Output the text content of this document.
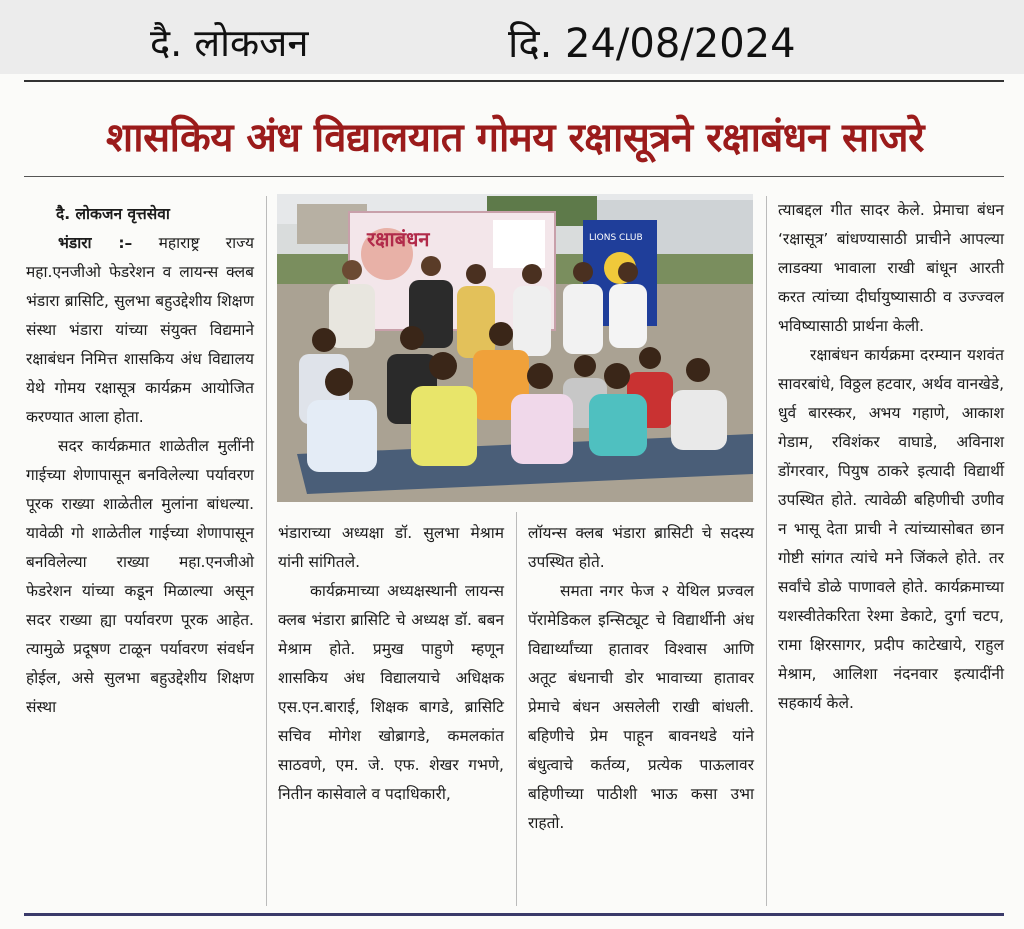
दै. लोकजन	दि. 24/08/2024
शासकिय अंध विद्यालयात गोमय रक्षासूत्रने रक्षाबंधन साजरे

दै. लोकजन वृत्तसेवा

भंडारा :– महाराष्ट्र राज्य महा.एनजीओ फेडरेशन व लायन्स क्लब भंडारा ब्रासिटि, सुलभा बहुउद्देशीय शिक्षण संस्था भंडारा यांच्या संयुक्त विद्यमाने रक्षाबंधन निमित्त शासकिय अंध विद्यालय येथे गोमय रक्षासूत्र कार्यक्रम आयोजित करण्यात आला होता.

सदर कार्यक्रमात शाळेतील मुलींनी गाईच्या शेणापासून बनविलेल्या पर्यावरण पूरक राख्या शाळेतील मुलांना बांधल्या. यावेळी गो शाळेतील गाईच्या शेणापासून बनविलेल्या राख्या महा.एनजीओ फेडरेशन यांच्या कडून मिळाल्या असून सदर राख्या ह्या पर्यावरण पूरक आहेत. त्यामुळे प्रदूषण टाळून पर्यावरण संवर्धन होईल, असे सुलभा बहुउद्देशीय शिक्षण संस्था

रक्षाबंधन	LIONS CLUB

भंडाराच्या अध्यक्षा डॉ. सुलभा मेश्राम यांनी सांगितले.

कार्यक्रमाच्या अध्यक्षस्थानी लायन्स क्लब भंडारा ब्रासिटि चे अध्यक्ष डॉ. बबन मेश्राम होते. प्रमुख पाहुणे म्हणून शासकिय अंध विद्यालयाचे अधिक्षक एस.एन.बाराई, शिक्षक बागडे, ब्रासिटि सचिव मोगेश खोब्रागडे, कमलकांत साठवणे, एम. जे. एफ. शेखर गभणे, नितीन कासेवाले व पदाधिकारी,

लॉयन्स क्लब भंडारा ब्रासिटी चे सदस्य उपस्थित होते.

समता नगर फेज २ येथिल प्रज्वल पॅरामेडिकल इन्सिट्यूट चे विद्यार्थीनी अंध विद्यार्थ्यांच्या हातावर विश्वास आणि अतूट बंधनाची डोर भावाच्या हातावर प्रेमाचे बंधन असलेली राखी बांधली. बहिणीचे प्रेम पाहून बावनथडे यांने बंधुत्वाचे कर्तव्य, प्रत्येक पाऊलावर बहिणीच्या पाठीशी भाऊ कसा उभा राहतो.

त्याबद्दल गीत सादर केले. प्रेमाचा बंधन ‘रक्षासूत्र’ बांधण्यासाठी प्राचीने आपल्या लाडक्या भावाला राखी बांधून आरती करत त्यांच्या दीर्घायुष्यासाठी व उज्ज्वल भविष्यासाठी प्रार्थना केली.

रक्षाबंधन कार्यक्रमा दरम्यान यशवंत सावरबांधे, विठ्ठल हटवार, अर्थव वानखेडे, धुर्व बारस्कर, अभय गहाणे, आकाश गेडाम, रविशंकर वाघाडे, अविनाश डोंगरवार, पियुष ठाकरे इत्यादी विद्यार्थी उपस्थित होते. त्यावेळी बहिणीची उणीव न भासू देता प्राची ने त्यांच्यासोबत छान गोष्टी सांगत त्यांचे मने जिंकले होते. तर सर्वांचे डोळे पाणावले होते. कार्यक्रमाच्या यशस्वीतेकरिता रेश्मा डेकाटे, दुर्गा चटप, रामा क्षिरसागर, प्रदीप काटेखाये, राहुल मेश्राम, आलिशा नंदनवार इत्यादींनी सहकार्य केले.
